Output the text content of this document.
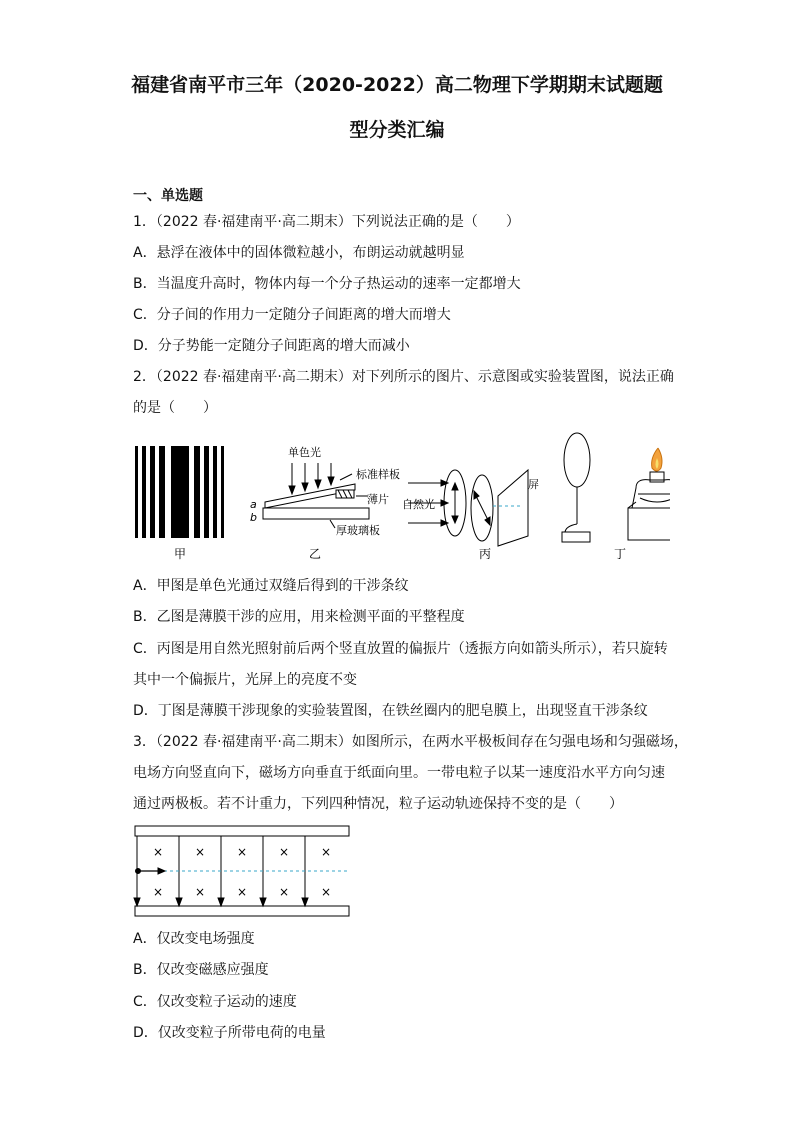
福建省南平市三年（2020-2022）高二物理下学期期末试题题
型分类汇编
一、单选题
1．（2022 春·福建南平·高二期末）下列说法正确的是（　　）
A．悬浮在液体中的固体微粒越小，布朗运动就越明显
B．当温度升高时，物体内每一个分子热运动的速率一定都增大
C．分子间的作用力一定随分子间距离的增大而增大
D．分子势能一定随分子间距离的增大而减小
2．（2022 春·福建南平·高二期末）对下列所示的图片、示意图或实验装置图，说法正确
的是（　　）
甲
单色光
标准样板
薄片
厚玻璃板
a
b
乙
自然光
屏
丙	丁
A．甲图是单色光通过双缝后得到的干涉条纹
B．乙图是薄膜干涉的应用，用来检测平面的平整程度
C．丙图是用自然光照射前后两个竖直放置的偏振片（透振方向如箭头所示），若只旋转
其中一个偏振片，光屏上的亮度不变
D．丁图是薄膜干涉现象的实验装置图，在铁丝圈内的肥皂膜上，出现竖直干涉条纹
3．（2022 春·福建南平·高二期末）如图所示，在两水平极板间存在匀强电场和匀强磁场，
电场方向竖直向下，磁场方向垂直于纸面向里。一带电粒子以某一速度沿水平方向匀速
通过两极板。若不计重力，下列四种情况，粒子运动轨迹保持不变的是（　　）
×	×	×	×	×
×	×	×	×	×
A．仅改变电场强度
B．仅改变磁感应强度
C．仅改变粒子运动的速度
D．仅改变粒子所带电荷的电量
